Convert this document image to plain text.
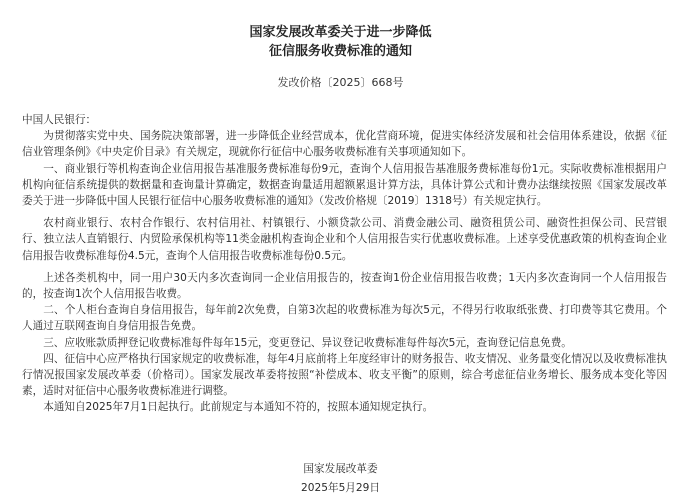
国家发展改革委关于进一步降低
征信服务收费标准的通知
发改价格〔2025〕668号

中国人民银行：

为贯彻落实党中央、国务院决策部署，进一步降低企业经营成本，优化营商环境，促进实体经济发展和社会信用体系建设，依据《征信业管理条例》《中央定价目录》有关规定，现就你行征信中心服务收费标准有关事项通知如下。

一、商业银行等机构查询企业信用报告基准服务费标准每份9元，查询个人信用报告基准服务费标准每份1元。实际收费标准根据用户机构向征信系统提供的数据量和查询量计算确定，数据查询量适用超额累退计算方法，具体计算公式和计费办法继续按照《国家发展改革委关于进一步降低中国人民银行征信中心服务收费标准的通知》（发改价格规〔2019〕1318号）有关规定执行。

农村商业银行、农村合作银行、农村信用社、村镇银行、小额贷款公司、消费金融公司、融资租赁公司、融资性担保公司、民营银行、独立法人直销银行、内贸险承保机构等11类金融机构查询企业和个人信用报告实行优惠收费标准。上述享受优惠政策的机构查询企业信用报告收费标准每份4.5元，查询个人信用报告收费标准每份0.5元。

上述各类机构中，同一用户30天内多次查询同一企业信用报告的，按查询1份企业信用报告收费；1天内多次查询同一个人信用报告的，按查询1次个人信用报告收费。

二、个人柜台查询自身信用报告，每年前2次免费，自第3次起的收费标准为每次5元，不得另行收取纸张费、打印费等其它费用。个人通过互联网查询自身信用报告免费。

三、应收账款质押登记收费标准每件每年15元，变更登记、异议登记收费标准每件每次5元，查询登记信息免费。

四、征信中心应严格执行国家规定的收费标准，每年4月底前将上年度经审计的财务报告、收支情况、业务量变化情况以及收费标准执行情况报国家发展改革委（价格司）。国家发展改革委将按照“补偿成本、收支平衡”的原则，综合考虑征信业务增长、服务成本变化等因素，适时对征信中心服务收费标准进行调整。

本通知自2025年7月1日起执行。此前规定与本通知不符的，按照本通知规定执行。

国家发展改革委
2025年5月29日
